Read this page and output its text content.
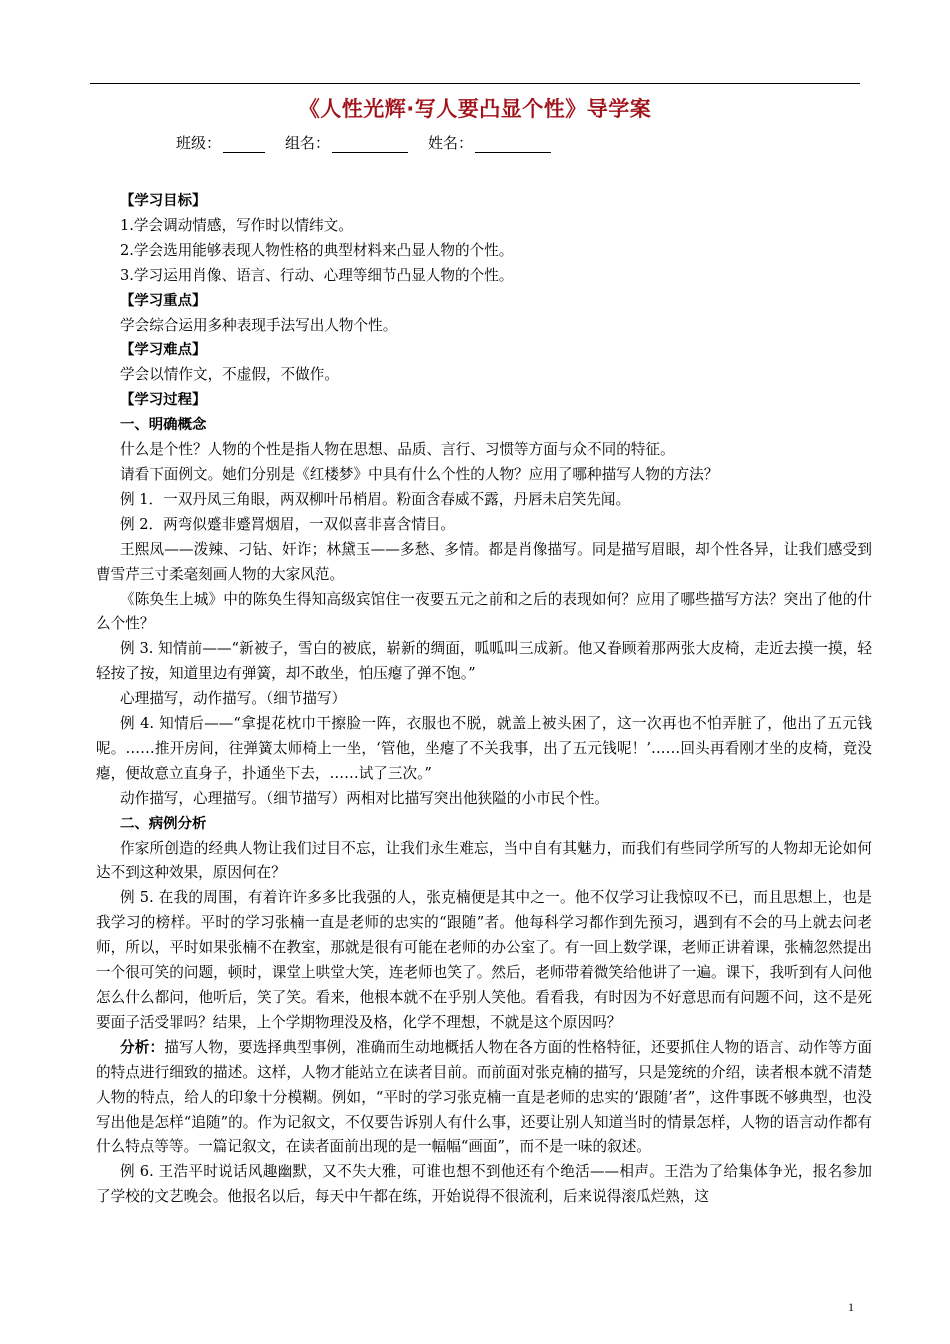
《人性光辉·写人要凸显个性》导学案
班级：	组名：	姓名：

【学习目标】

1.学会调动情感，写作时以情纬文。

2.学会选用能够表现人物性格的典型材料来凸显人物的个性。

3.学习运用肖像、语言、行动、心理等细节凸显人物的个性。

【学习重点】

学会综合运用多种表现手法写出人物个性。

【学习难点】

学会以情作文，不虚假，不做作。

【学习过程】

一、明确概念

什么是个性？人物的个性是指人物在思想、品质、言行、习惯等方面与众不同的特征。

请看下面例文。她们分别是《红楼梦》中具有什么个性的人物？应用了哪种描写人物的方法？

例 1．一双丹凤三角眼，两双柳叶吊梢眉。粉面含春威不露，丹唇未启笑先闻。

例 2．两弯似蹙非蹙罥烟眉，一双似喜非喜含情目。

王熙凤——泼辣、刁钻、奸诈；林黛玉——多愁、多情。都是肖像描写。同是描写眉眼，却个性各异，让我们感受到曹雪芹三寸柔毫刻画人物的大家风范。

《陈奂生上城》中的陈奂生得知高级宾馆住一夜要五元之前和之后的表现如何？应用了哪些描写方法？突出了他的什么个性？

例 3. 知情前——“新被子，雪白的被底，崭新的绸面，呱呱叫三成新。他又眷顾着那两张大皮椅，走近去摸一摸，轻轻按了按，知道里边有弹簧，却不敢坐，怕压瘪了弹不饱。”

心理描写，动作描写。（细节描写）

例 4. 知情后——“拿提花枕巾干擦脸一阵，衣服也不脱，就盖上被头困了，这一次再也不怕弄脏了，他出了五元钱呢。……推开房间，往弹簧太师椅上一坐，‘管他，坐瘪了不关我事，出了五元钱呢！’……回头再看刚才坐的皮椅，竟没瘪，便故意立直身子，扑通坐下去，……试了三次。”

动作描写，心理描写。（细节描写）两相对比描写突出他狭隘的小市民个性。

二、病例分析

作家所创造的经典人物让我们过目不忘，让我们永生难忘，当中自有其魅力，而我们有些同学所写的人物却无论如何达不到这种效果，原因何在？

例 5. 在我的周围，有着许许多多比我强的人，张克楠便是其中之一。他不仅学习让我惊叹不已，而且思想上，也是我学习的榜样。平时的学习张楠一直是老师的忠实的“跟随”者。他每科学习都作到先预习，遇到有不会的马上就去问老师，所以，平时如果张楠不在教室，那就是很有可能在老师的办公室了。有一回上数学课，老师正讲着课，张楠忽然提出一个很可笑的问题，顿时，课堂上哄堂大笑，连老师也笑了。然后，老师带着微笑给他讲了一遍。课下，我听到有人问他怎么什么都问，他听后，笑了笑。看来，他根本就不在乎别人笑他。看看我，有时因为不好意思而有问题不问，这不是死要面子活受罪吗？结果，上个学期物理没及格，化学不理想，不就是这个原因吗？

分析：描写人物，要选择典型事例，准确而生动地概括人物在各方面的性格特征，还要抓住人物的语言、动作等方面的特点进行细致的描述。这样，人物才能站立在读者目前。而前面对张克楠的描写，只是笼统的介绍，读者根本就不清楚人物的特点，给人的印象十分模糊。例如，“平时的学习张克楠一直是老师的忠实的‘跟随’者”，这件事既不够典型，也没写出他是怎样“追随”的。作为记叙文，不仅要告诉别人有什么事，还要让别人知道当时的情景怎样，人物的语言动作都有什么特点等等。一篇记叙文，在读者面前出现的是一幅幅“画面”，而不是一味的叙述。

例 6. 王浩平时说话风趣幽默，又不失大雅，可谁也想不到他还有个绝活——相声。王浩为了给集体争光，报名参加了学校的文艺晚会。他报名以后，每天中午都在练，开始说得不很流利，后来说得滚瓜烂熟，这

1
